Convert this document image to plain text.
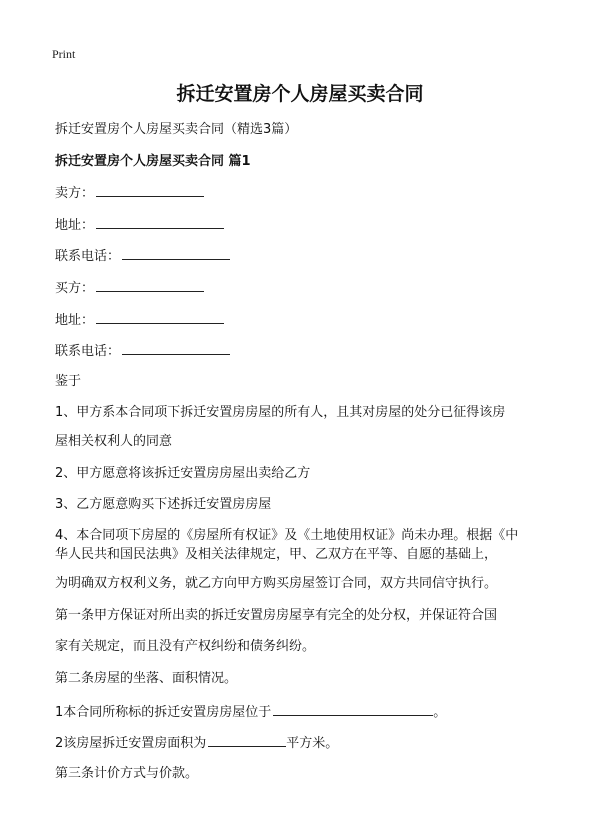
Print
拆迁安置房个人房屋买卖合同

拆迁安置房个人房屋买卖合同（精选3篇）

拆迁安置房个人房屋买卖合同 篇1

卖方：

地址：

联系电话：

买方：

地址：

联系电话：

鉴于

1、甲方系本合同项下拆迁安置房房屋的所有人，且其对房屋的处分已征得该房

屋相关权利人的同意

2、甲方愿意将该拆迁安置房房屋出卖给乙方

3、乙方愿意购买下述拆迁安置房房屋

4、本合同项下房屋的《房屋所有权证》及《土地使用权证》尚未办理。根据《中

华人民共和国民法典》及相关法律规定，甲、乙双方在平等、自愿的基础上，

为明确双方权利义务，就乙方向甲方购买房屋签订合同，双方共同信守执行。

第一条甲方保证对所出卖的拆迁安置房房屋享有完全的处分权，并保证符合国

家有关规定，而且没有产权纠纷和债务纠纷。

第二条房屋的坐落、面积情况。

1本合同所称标的拆迁安置房房屋位于	。

2该房屋拆迁安置房面积为	平方米。

第三条计价方式与价款。
